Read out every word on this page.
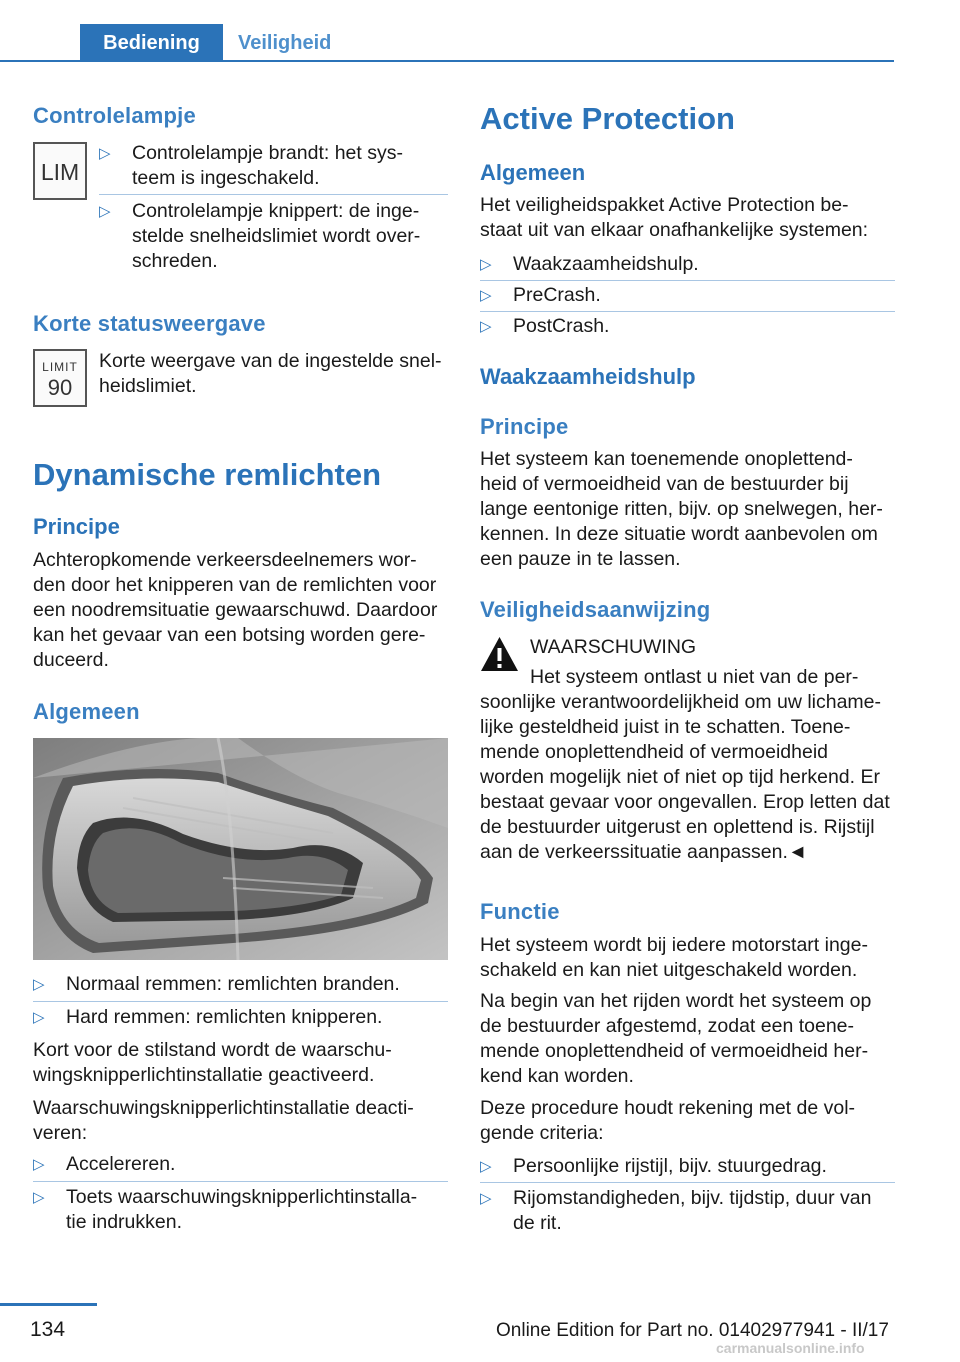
Bediening	Veiligheid
Controlelampje
LIM
▷ Controlelampje brandt: het sys-
teem is ingeschakeld.
▷ Controlelampje knippert: de inge-
stelde snelheidslimiet wordt over-
schreden.
Korte statusweergave
LIMIT
90
Korte weergave van de ingestelde snel-
heidslimiet.
Dynamische remlichten
Principe
Achteropkomende verkeersdeelnemers wor-
den door het knipperen van de remlichten voor
een noodremsituatie gewaarschuwd. Daardoor
kan het gevaar van een botsing worden gere-
duceerd.
Algemeen
▷ Normaal remmen: remlichten branden.
▷ Hard remmen: remlichten knipperen.
Kort voor de stilstand wordt de waarschu-
wingsknipperlichtinstallatie geactiveerd.
Waarschuwingsknipperlichtinstallatie deacti-
veren:
▷ Accelereren.
▷ Toets waarschuwingsknipperlichtinstalla-
tie indrukken.
Active Protection
Algemeen
Het veiligheidspakket Active Protection be-
staat uit van elkaar onafhankelijke systemen:
▷ Waakzaamheidshulp.
▷ PreCrash.
▷ PostCrash.
Waakzaamheidshulp
Principe
Het systeem kan toenemende onoplettend-
heid of vermoeidheid van de bestuurder bij
lange eentonige ritten, bijv. op snelwegen, her-
kennen. In deze situatie wordt aanbevolen om
een pauze in te lassen.
Veiligheidsaanwijzing
WAARSCHUWING
Het systeem ontlast u niet van de per-
soonlijke verantwoordelijkheid om uw lichame-
lijke gesteldheid juist in te schatten. Toene-
mende onoplettendheid of vermoeidheid
worden mogelijk niet of niet op tijd herkend. Er
bestaat gevaar voor ongevallen. Erop letten dat
de bestuurder uitgerust en oplettend is. Rijstijl
aan de verkeerssituatie aanpassen.◄
Functie
Het systeem wordt bij iedere motorstart inge-
schakeld en kan niet uitgeschakeld worden.
Na begin van het rijden wordt het systeem op
de bestuurder afgestemd, zodat een toene-
mende onoplettendheid of vermoeidheid her-
kend kan worden.
Deze procedure houdt rekening met de vol-
gende criteria:
▷ Persoonlijke rijstijl, bijv. stuurgedrag.
▷ Rijomstandigheden, bijv. tijdstip, duur van
de rit.
134	Online Edition for Part no. 01402977941 - II/17
carmanualsonline.info
